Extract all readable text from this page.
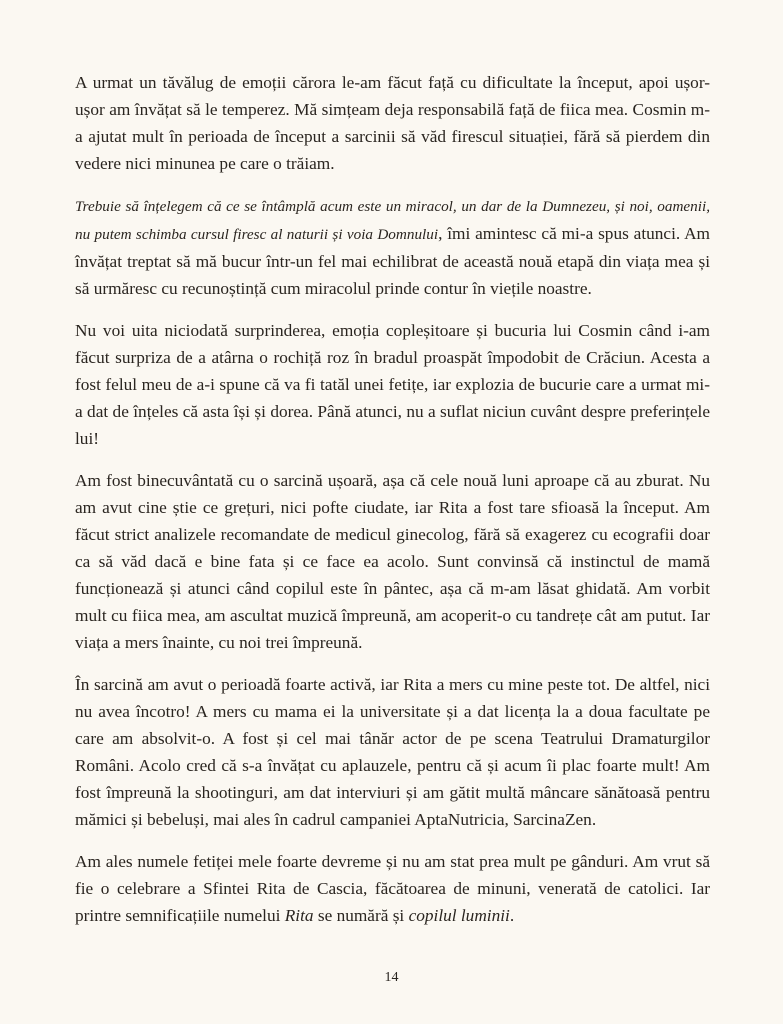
A urmat un tăvălug de emoții cărora le-am făcut față cu dificultate la început, apoi ușor-ușor am învățat să le temperez. Mă simțeam deja responsabilă față de fiica mea. Cosmin m-a ajutat mult în perioada de început a sarcinii să văd firescul situației, fără să pierdem din vedere nici minunea pe care o trăiam.

Trebuie să înțelegem că ce se întâmplă acum este un miracol, un dar de la Dumnezeu, și noi, oamenii, nu putem schimba cursul firesc al naturii și voia Domnului, îmi amintesc că mi-a spus atunci. Am învățat treptat să mă bucur într-un fel mai echilibrat de această nouă etapă din viața mea și să urmăresc cu recunoștință cum miracolul prinde contur în viețile noastre.

Nu voi uita niciodată surprinderea, emoția copleșitoare și bucuria lui Cosmin când i-am făcut surpriza de a atârna o rochiță roz în bradul proaspăt împodobit de Crăciun. Acesta a fost felul meu de a-i spune că va fi tatăl unei fetițe, iar explozia de bucurie care a urmat mi-a dat de înțeles că asta își și dorea. Până atunci, nu a suflat niciun cuvânt despre preferințele lui!

Am fost binecuvântată cu o sarcină ușoară, așa că cele nouă luni aproape că au zburat. Nu am avut cine știe ce grețuri, nici pofte ciudate, iar Rita a fost tare sfioasă la început. Am făcut strict analizele recomandate de medicul ginecolog, fără să exagerez cu ecografii doar ca să văd dacă e bine fata și ce face ea acolo. Sunt convinsă că instinctul de mamă funcționează și atunci când copilul este în pântec, așa că m-am lăsat ghidată. Am vorbit mult cu fiica mea, am ascultat muzică împreună, am acoperit-o cu tandrețe cât am putut. Iar viața a mers înainte, cu noi trei împreună.

În sarcină am avut o perioadă foarte activă, iar Rita a mers cu mine peste tot. De altfel, nici nu avea încotro! A mers cu mama ei la universitate și a dat licența la a doua facultate pe care am absolvit-o. A fost și cel mai tânăr actor de pe scena Teatrului Dramaturgilor Români. Acolo cred că s-a învățat cu aplauzele, pentru că și acum îi plac foarte mult! Am fost împreună la shootinguri, am dat interviuri și am gătit multă mâncare sănătoasă pentru mămici și bebeluși, mai ales în cadrul campaniei AptaNutricia, SarcinaZen.

Am ales numele fetiței mele foarte devreme și nu am stat prea mult pe gânduri. Am vrut să fie o celebrare a Sfintei Rita de Cascia, făcătoarea de minuni, venerată de catolici. Iar printre semnificațiile numelui Rita se numără și copilul luminii.

14
